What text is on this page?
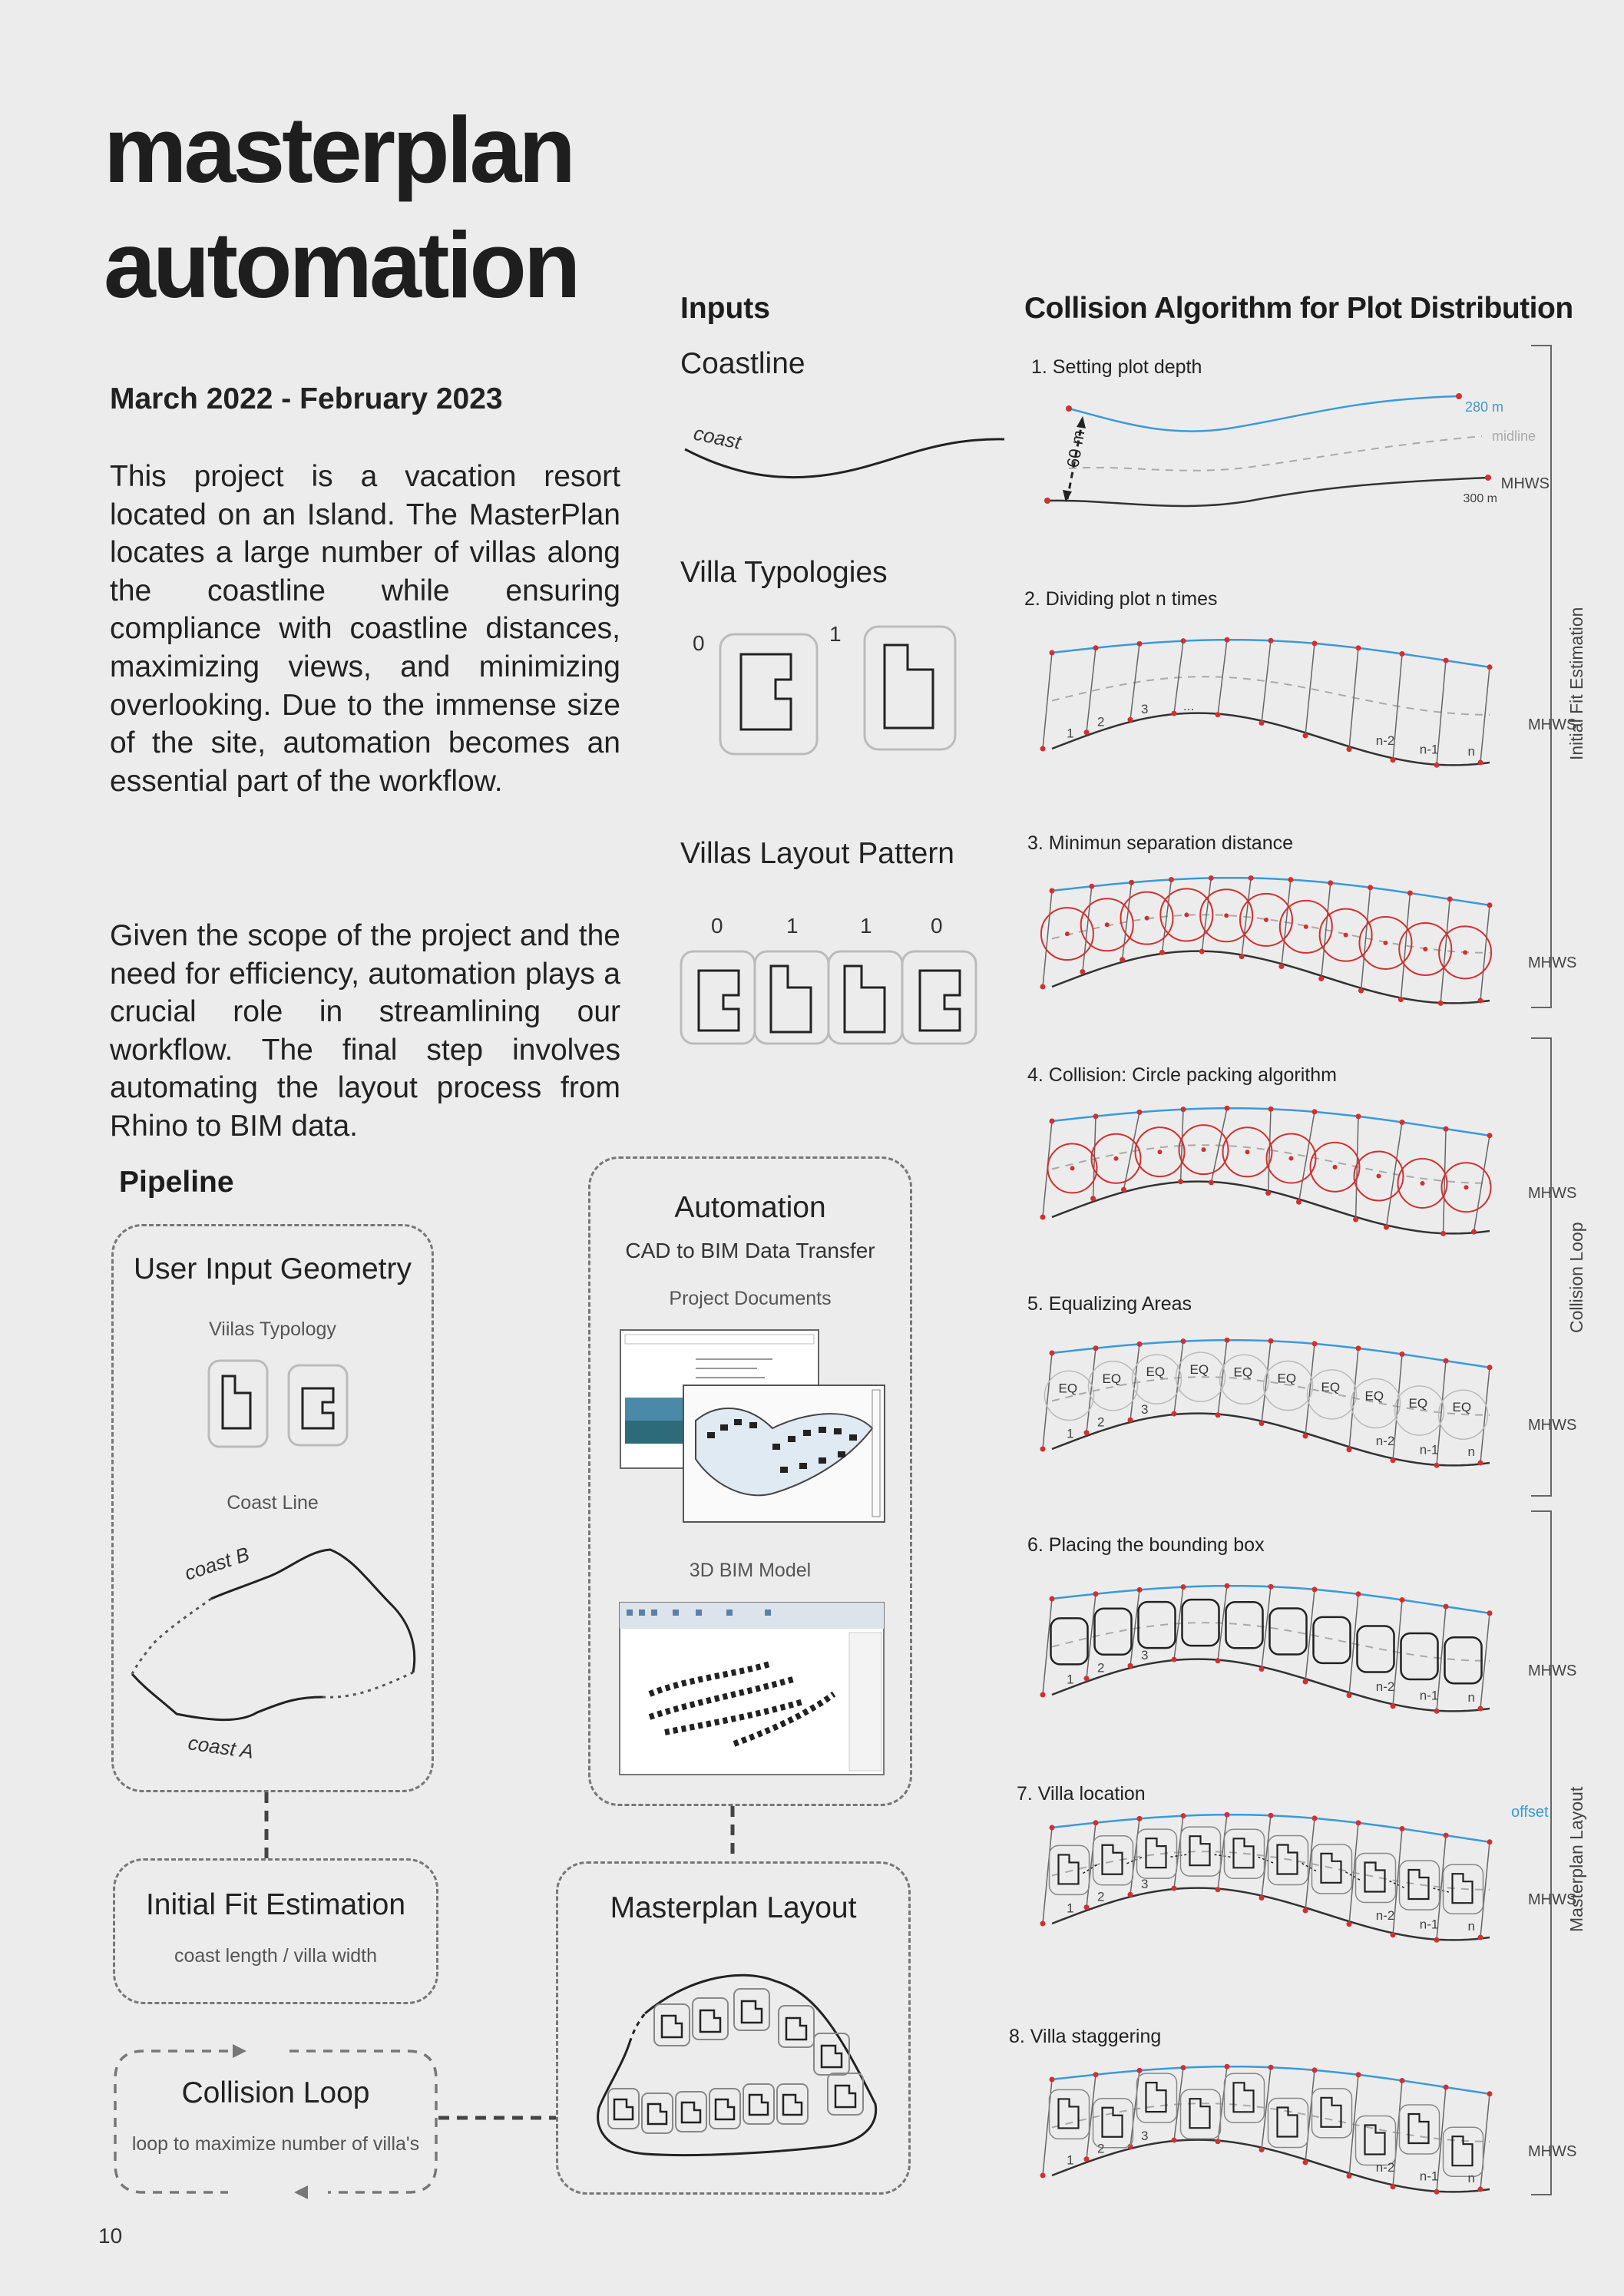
masterplan
automation
March 2022 - February 2023
This project is a vacation resort located on an Island. The MasterPlan locates a large number of villas along the coastline while ensuring compliance with coastline distances, maximizing views, and minimizing overlooking. Due to the immense size of the site, automation becomes an essential part of the workflow.
Given the scope of the project and the need for efficiency, automation plays a crucial role in streamlining our workflow. The final step involves automating the layout process from Rhino to BIM data.
Pipeline
Inputs
Coastline
coast
Villa Typologies
0	1
Villas Layout Pattern
0	1	1	0
User Input Geometry
Viilas Typology
Coast Line
coast A
coast B
Automation
CAD to BIM Data Transfer
Project Documents
3D BIM Model
Initial Fit Estimation
coast length / villa width
Collision Loop
loop to maximize number of villa's
Masterplan Layout
Collision Algorithm for Plot Distribution
1. Setting plot depth
2. Dividing plot n times
3. Minimun separation distance
4. Collision: Circle packing algorithm
5. Equalizing Areas
6. Placing the bounding box
7. Villa location
8. Villa staggering
60 m
280 m
midline
MHWS
300 m
MHWS
1
2
3
n-2
n-1 n
...
MHWS
MHWS
MHWS
EQ
EQ EQ EQ EQ EQ
EQ
EQ EQ EQ
1
2
3
n-2
n-1 n
MHWS
1
2
3
n-2
n-1 n
MHWS
offset
1
2
3
n-2
n-1 n
MHWS
1
2
3
n-2
n-1 n
Initial Fit Estimation
Collision Loop
Masterplan Layout
10
